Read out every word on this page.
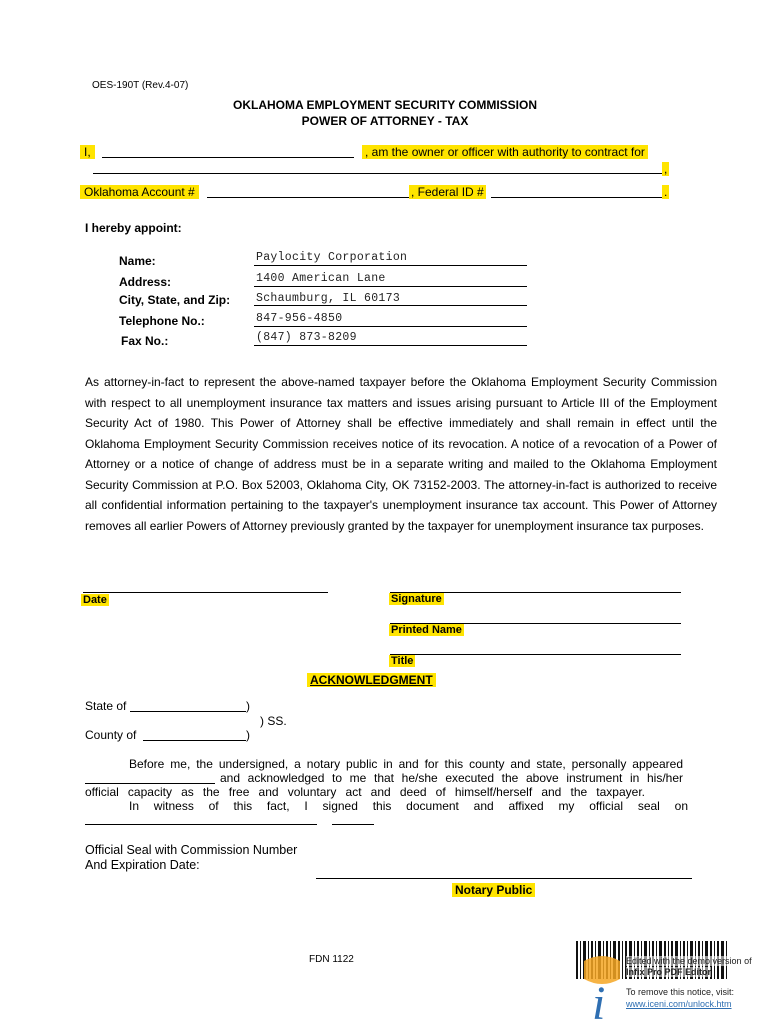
OES-190T (Rev.4-07)
OKLAHOMA EMPLOYMENT SECURITY COMMISSION
POWER OF ATTORNEY - TAX
I,	, am the owner or officer with authority to contract for
,
Oklahoma Account #	, Federal ID #	.
I hereby appoint:
Name:	Paylocity Corporation
Address:	1400 American Lane
City, State, and Zip: Schaumburg, IL 60173
Telephone No.:	847-956-4850
Fax No.:	(847) 873-8209
As attorney-in-fact to represent the above-named taxpayer before the Oklahoma Employment Security Commission with respect to all unemployment insurance tax matters and issues arising pursuant to Article III of the Employment Security Act of 1980. This Power of Attorney shall be effective immediately and shall remain in effect until the Oklahoma Employment Security Commission receives notice of its revocation. A notice of a revocation of a Power of Attorney or a notice of change of address must be in a separate writing and mailed to the Oklahoma Employment Security Commission at P.O. Box 52003, Oklahoma City, OK 73152-2003. The attorney-in-fact is authorized to receive all confidential information pertaining to the taxpayer's unemployment insurance tax account. This Power of Attorney removes all earlier Powers of Attorney previously granted by the taxpayer for unemployment insurance tax purposes.
Date	Signature
Printed Name
Title
ACKNOWLEDGMENT
State of	)
) SS.
County of	)
Before me, the undersigned, a notary public in and for this county and state, personally appeared
and acknowledged to me that he/she executed the above instrument in his/her
official capacity as the free and voluntary act and deed of himself/herself and the taxpayer.
In witness of this fact, I signed this document and affixed my official seal on
Official Seal with Commission Number
And Expiration Date:
Notary Public
FDN 1122
i
Edited with the demo version of
Infix Pro PDF Editor
To remove this notice, visit:
www.iceni.com/unlock.htm
